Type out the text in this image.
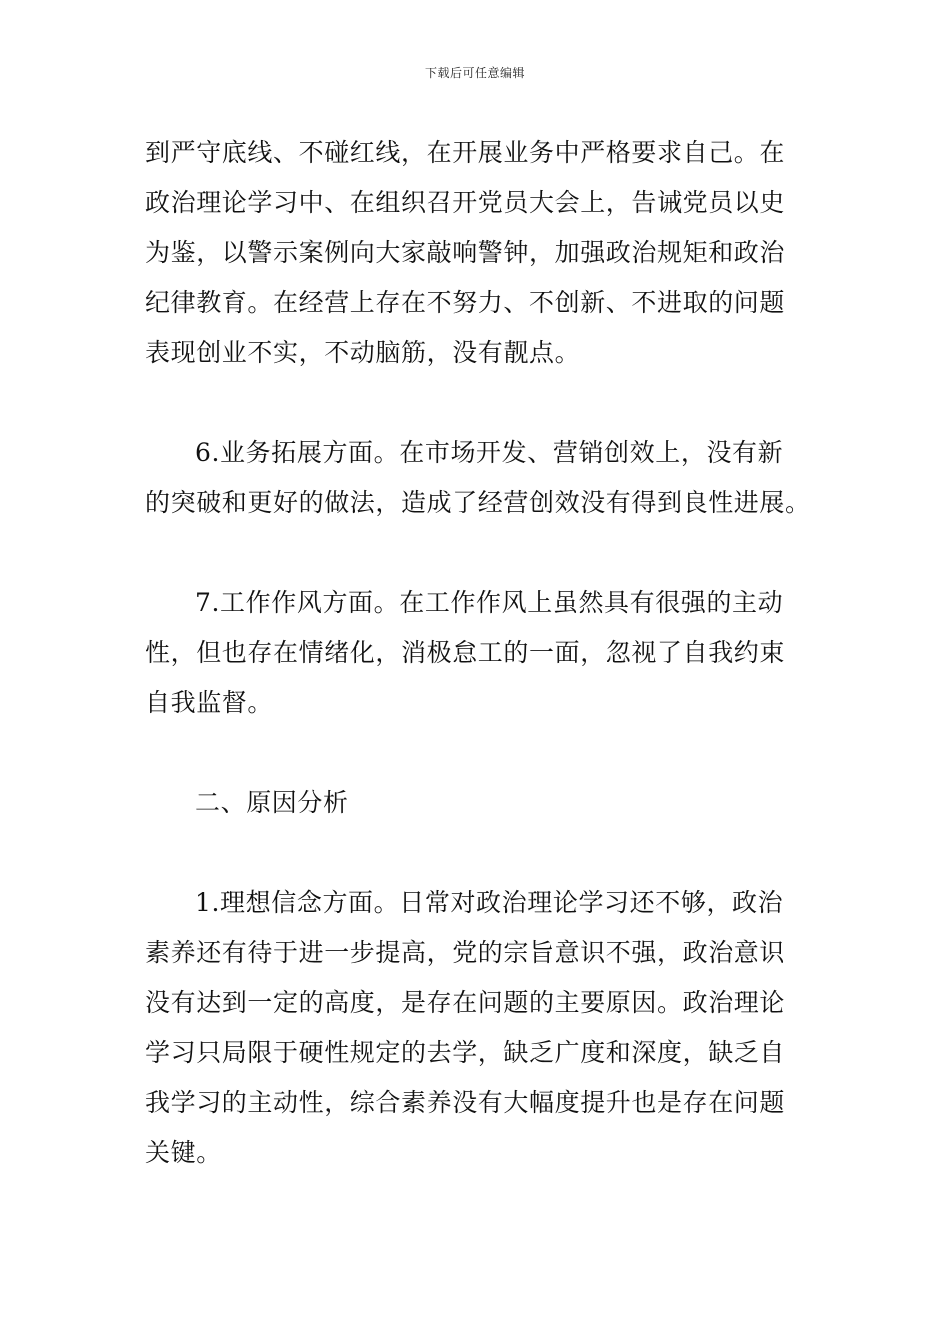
下载后可任意编辑
到严守底线、不碰红线，在开展业务中严格要求自己。在
政治理论学习中、在组织召开党员大会上，告诫党员以史
为鉴，以警示案例向大家敲响警钟，加强政治规矩和政治
纪律教育。在经营上存在不努力、不创新、不进取的问题
表现创业不实，不动脑筋，没有靓点。
6.业务拓展方面。在市场开发、营销创效上，没有新
的突破和更好的做法，造成了经营创效没有得到良性进展。
7.工作作风方面。在工作作风上虽然具有很强的主动
性，但也存在情绪化，消极怠工的一面，忽视了自我约束
自我监督。
二、原因分析
1.理想信念方面。日常对政治理论学习还不够，政治
素养还有待于进一步提高，党的宗旨意识不强，政治意识
没有达到一定的高度，是存在问题的主要原因。政治理论
学习只局限于硬性规定的去学，缺乏广度和深度，缺乏自
我学习的主动性，综合素养没有大幅度提升也是存在问题
关键。
